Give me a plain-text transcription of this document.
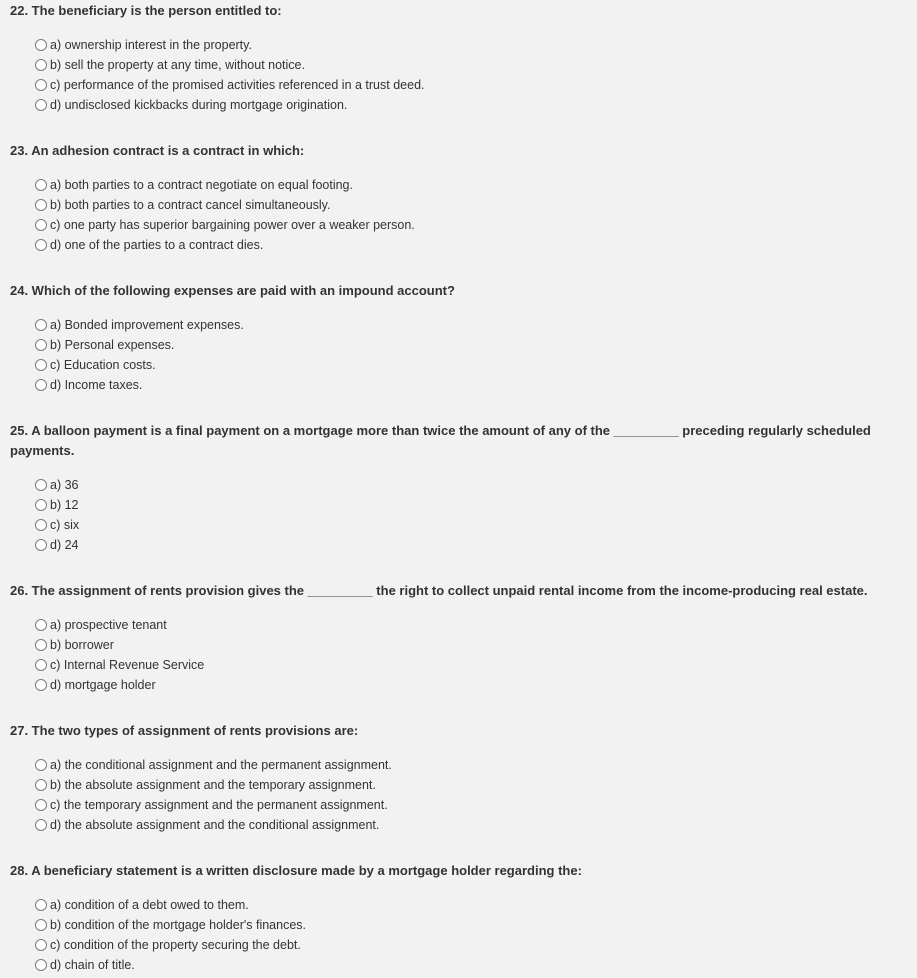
22. The beneficiary is the person entitled to:

a) ownership interest in the property.
b) sell the property at any time, without notice.
c) performance of the promised activities referenced in a trust deed.
d) undisclosed kickbacks during mortgage origination.

23. An adhesion contract is a contract in which:

a) both parties to a contract negotiate on equal footing.
b) both parties to a contract cancel simultaneously.
c) one party has superior bargaining power over a weaker person.
d) one of the parties to a contract dies.

24. Which of the following expenses are paid with an impound account?

a) Bonded improvement expenses.
b) Personal expenses.
c) Education costs.
d) Income taxes.

25. A balloon payment is a final payment on a mortgage more than twice the amount of any of the _________ preceding regularly scheduled payments.

a) 36
b) 12
c) six
d) 24

26. The assignment of rents provision gives the _________ the right to collect unpaid rental income from the income-producing real estate.

a) prospective tenant
b) borrower
c) Internal Revenue Service
d) mortgage holder

27. The two types of assignment of rents provisions are:

a) the conditional assignment and the permanent assignment.
b) the absolute assignment and the temporary assignment.
c) the temporary assignment and the permanent assignment.
d) the absolute assignment and the conditional assignment.

28. A beneficiary statement is a written disclosure made by a mortgage holder regarding the:

a) condition of a debt owed to them.
b) condition of the mortgage holder's finances.
c) condition of the property securing the debt.
d) chain of title.
